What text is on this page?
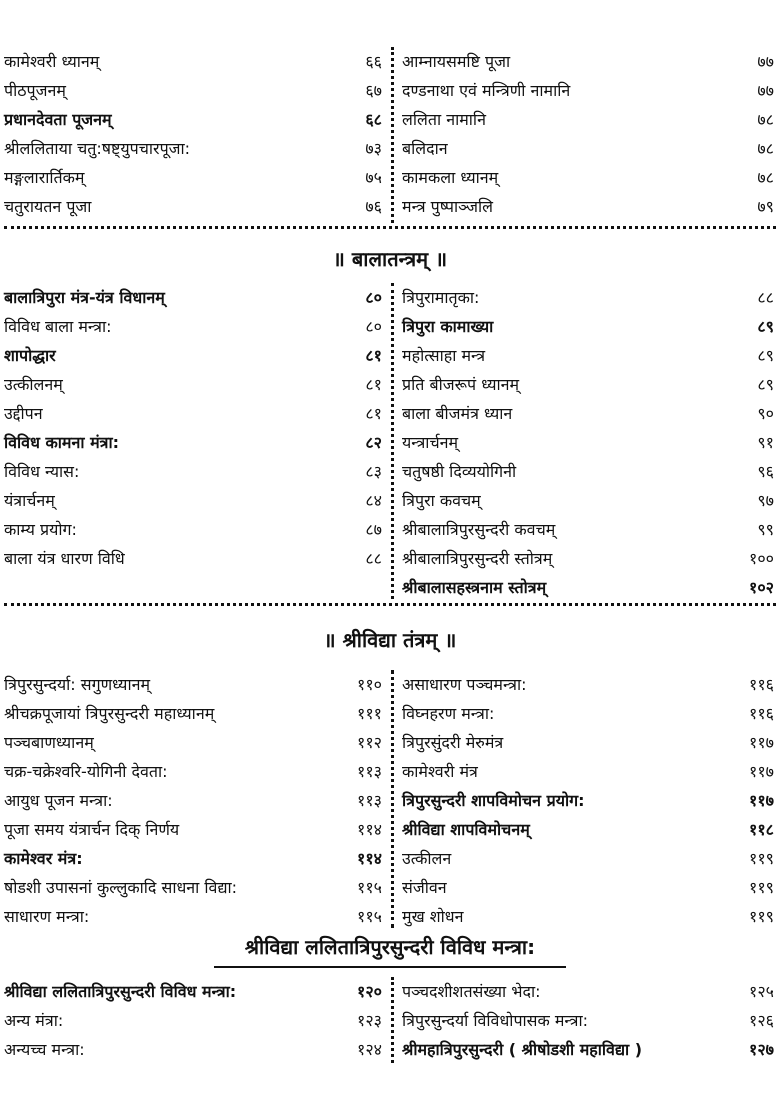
कामेश्वरी ध्यानम्	६६ आम्नायसमष्टि पूजा	७७
पीठपूजनम्	६७ दण्डनाथा एवं मन्त्रिणी नामानि	७७
प्रधानदेवता पूजनम्	६८ ललिता नामानि	७८
श्रीललिताया चतु:षष्ट्युपचारपूजा:	७३ बलिदान	७८
मङ्गलारार्तिकम्	७५ कामकला ध्यानम्	७८
चतुरायतन पूजा	७६ मन्त्र पुष्पाञ्जलि	७९
॥ बालातन्त्रम् ॥
बालात्रिपुरा मंत्र-यंत्र विधानम्	८० त्रिपुरामातृका:	८८
विविध बाला मन्त्रा:	८० त्रिपुरा कामाख्या	८९
शापोद्धार	८१ महोत्साहा मन्त्र	८९
उत्कीलनम्	८१ प्रति बीजरूपं ध्यानम्	८९
उद्दीपन	८१ बाला बीजमंत्र ध्यान	९०
विविध कामना मंत्रा:	८२ यन्त्रार्चनम्	९१
विविध न्यास:	८३ चतुषष्ठी दिव्ययोगिनी	९६
यंत्रार्चनम्	८४ त्रिपुरा कवचम्	९७
काम्य प्रयोग:	८७ श्रीबालात्रिपुरसुन्दरी कवचम्	९९
बाला यंत्र धारण विधि	८८ श्रीबालात्रिपुरसुन्दरी स्तोत्रम्	१००
श्रीबालासहस्त्रनाम स्तोत्रम्	१०२
॥ श्रीविद्या तंत्रम् ॥
त्रिपुरसुन्दर्या: सगुणध्यानम्	११० असाधारण पञ्चमन्त्रा:	११६
श्रीचक्रपूजायां त्रिपुरसुन्दरी महाध्यानम्	१११ विघ्नहरण मन्त्रा:	११६
पञ्चबाणध्यानम्	११२ त्रिपुरसुंदरी मेरुमंत्र	११७
चक्र-चक्रेश्वरि-योगिनी देवता:	११३ कामेश्वरी मंत्र	११७
आयुध पूजन मन्त्रा:	११३ त्रिपुरसुन्दरी शापविमोचन प्रयोग:	११७
पूजा समय यंत्रार्चन दिक् निर्णय	११४ श्रीविद्या शापविमोचनम्	११८
कामेश्वर मंत्र:	११४ उत्कीलन	११९
षोडशी उपासनां कुल्लुकादि साधना विद्या:	११५ संजीवन	११९
साधारण मन्त्रा:	११५ मुख शोधन	११९
श्रीविद्या ललितात्रिपुरसुन्दरी विविध मन्त्रा:
श्रीविद्या ललितात्रिपुरसुन्दरी विविध मन्त्रा:	१२० पञ्चदशीशतसंख्या भेदा:	१२५
अन्य मंत्रा:	१२३ त्रिपुरसुन्दर्या विविधोपासक मन्त्रा:	१२६
अन्यच्च मन्त्रा:	१२४ श्रीमहात्रिपुरसुन्दरी ( श्रीषोडशी महाविद्या )	१२७
